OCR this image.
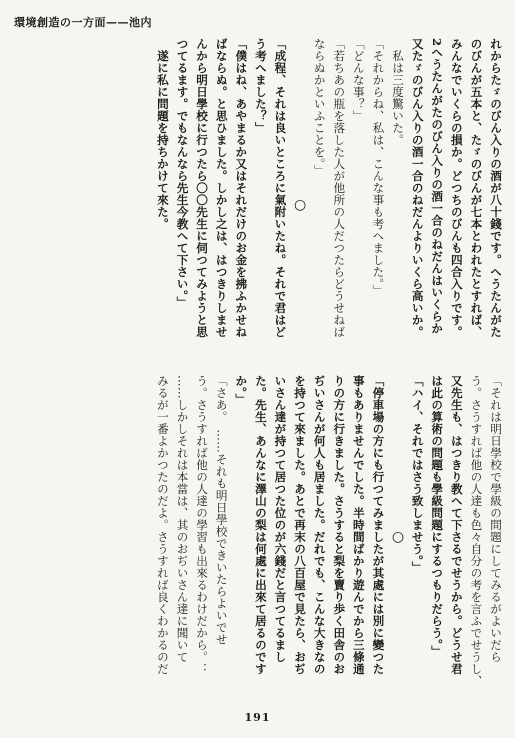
環境創造の一方面——池内
れからたゞのびん入りの酒が八十錢です。へうたんがた
のびんが五本と、たゞのびんが七本とわれたとすれば、
みんなでいくらの損か。どつちのびんも四合入りです。
2へうたんがたのびん入りの酒一合のねだんはいくらか
又たゞのびん入りの酒一合のねだんよりいくら高いか。
　私は三度驚いた。
「それからね、私は、こんな事も考へました。」
「どんな事？」
「若ちあの瓶を落した人が他所の人だつたらどうせねば
ならぬかといふことを。」
○
「成程、それは良いところに氣附いたね。それで君はど
う考へました？」
「僕はね、あやまるか又はそれだけのお金を拂ふかせね
ばならぬ。と思ひました。しかし之は、はつきりしませ
んから明日學校に行つたら〇〇先生に伺つてみようと思
つてるます。でもなんなら先生今教へて下さい。」
　遂に私に問題を持ちかけて來た。
「それは明日學校で學級の問題にしてみるがよいだら
う。さうすれば他の人達も色々自分の考を言ふでせうし、
又先生も、はつきり教へて下さるでせうから。どうせ君
は此の算術の問題も學級問題にするつもりだらう。」
「ハイ、それではさう致しませう。」
○
「停車場の方にも行つてみましたが其處には別に變つた
事もありませんでした。半時間ばかり遊んでから三條通
りの方に行きました。さうすると梨を賣り歩く田舎のお
ぢいさんが何人も居ました。だれでも、こんな大きなの
を持つて來ました。あとで再末の八百屋で見たら、おぢ
いさん達が持つて居つた位のが六錢だと言つてるまし
た。先生、あんなに澤山の梨は何處に出來て居るのです
か。」
「さあ。　……それも明日學校できいたらよいでせ
う。さうすれば他の人達の學習も出來るわけだから。：
……しかしそれは本當は、其のおぢいさん達に聞いて
みるが一番よかつたのだよ。さうすれば良くわかるのだ
191
